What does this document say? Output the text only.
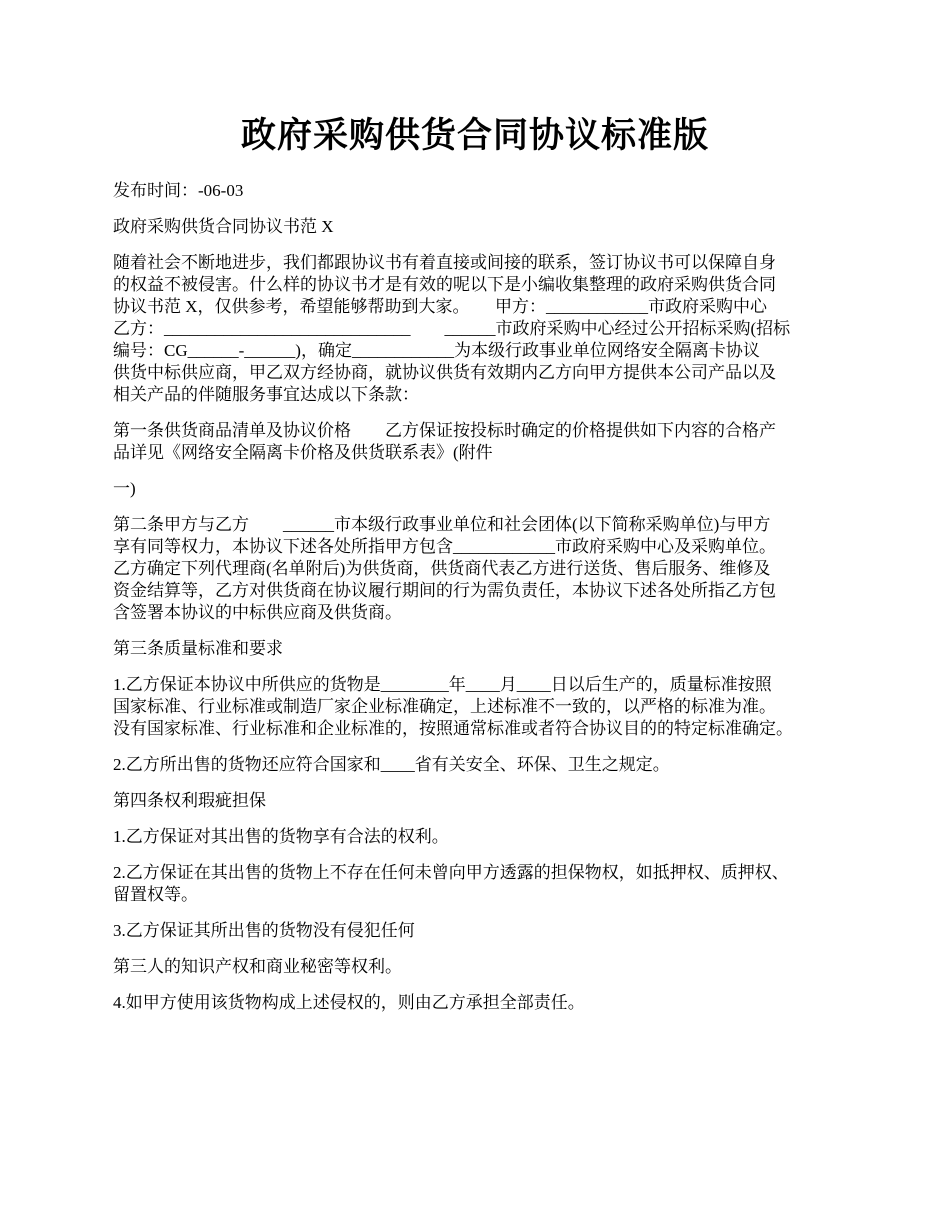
政府采购供货合同协议标准版

发布时间：-06-03

政府采购供货合同协议书范 X

随着社会不断地进步，我们都跟协议书有着直接或间接的联系，签订协议书可以保障自身
的权益不被侵害。什么样的协议书才是有效的呢以下是小编收集整理的政府采购供货合同
协议书范 X，仅供参考，希望能够帮助到大家。　　甲方：____________市政府采购中心
乙方：_____________________________　　______市政府采购中心经过公开招标采购(招标
编号：CG______-______)，确定____________为本级行政事业单位网络安全隔离卡协议
供货中标供应商，甲乙双方经协商，就协议供货有效期内乙方向甲方提供本公司产品以及
相关产品的伴随服务事宜达成以下条款：

第一条供货商品清单及协议价格　　乙方保证按投标时确定的价格提供如下内容的合格产
品详见《网络安全隔离卡价格及供货联系表》(附件

一)

第二条甲方与乙方　　______市本级行政事业单位和社会团体(以下简称采购单位)与甲方
享有同等权力，本协议下述各处所指甲方包含____________市政府采购中心及采购单位。
乙方确定下列代理商(名单附后)为供货商，供货商代表乙方进行送货、售后服务、维修及
资金结算等，乙方对供货商在协议履行期间的行为需负责任，本协议下述各处所指乙方包
含签署本协议的中标供应商及供货商。

第三条质量标准和要求

1.乙方保证本协议中所供应的货物是________年____月____日以后生产的，质量标准按照
国家标准、行业标准或制造厂家企业标准确定，上述标准不一致的，以严格的标准为准。
没有国家标准、行业标准和企业标准的，按照通常标准或者符合协议目的的特定标准确定。

2.乙方所出售的货物还应符合国家和____省有关安全、环保、卫生之规定。

第四条权利瑕疵担保

1.乙方保证对其出售的货物享有合法的权利。

2.乙方保证在其出售的货物上不存在任何未曾向甲方透露的担保物权，如抵押权、质押权、
留置权等。

3.乙方保证其所出售的货物没有侵犯任何

第三人的知识产权和商业秘密等权利。

4.如甲方使用该货物构成上述侵权的，则由乙方承担全部责任。
